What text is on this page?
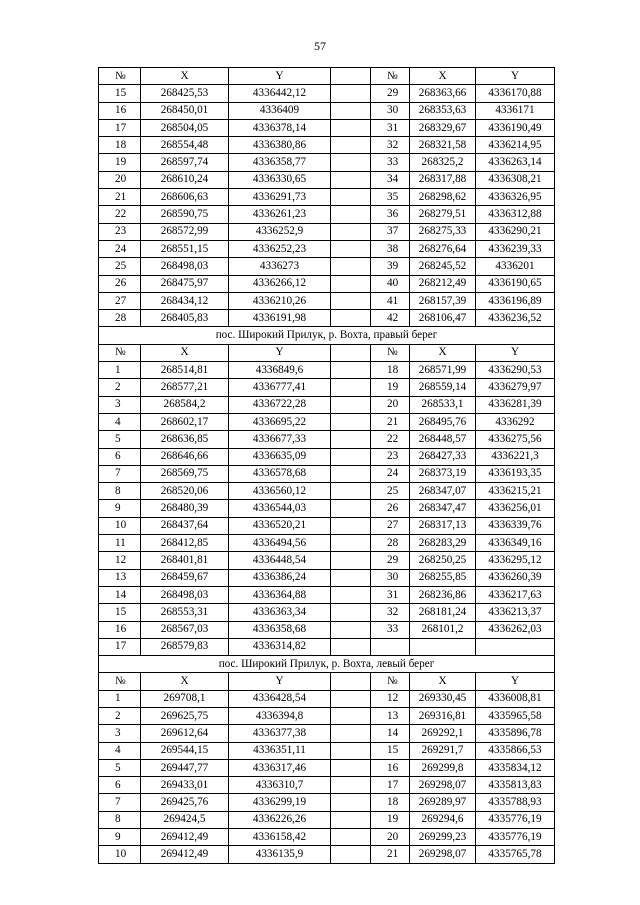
57
№	X	Y		№	X	Y
15	268425,53	4336442,12		29	268363,66	4336170,88
16	268450,01	4336409		30	268353,63	4336171
17	268504,05	4336378,14		31	268329,67	4336190,49
18	268554,48	4336380,86		32	268321,58	4336214,95
19	268597,74	4336358,77		33	268325,2	4336263,14
20	268610,24	4336330,65		34	268317,88	4336308,21
21	268606,63	4336291,73		35	268298,62	4336326,95
22	268590,75	4336261,23		36	268279,51	4336312,88
23	268572,99	4336252,9		37	268275,33	4336290,21
24	268551,15	4336252,23		38	268276,64	4336239,33
25	268498,03	4336273		39	268245,52	4336201
26	268475,97	4336266,12		40	268212,49	4336190,65
27	268434,12	4336210,26		41	268157,39	4336196,89
28	268405,83	4336191,98		42	268106,47	4336236,52
пос. Широкий Прилук, р. Вохта, правый берег						
№	X	Y		№	X	Y
1	268514,81	4336849,6		18	268571,99	4336290,53
2	268577,21	4336777,41		19	268559,14	4336279,97
3	268584,2	4336722,28		20	268533,1	4336281,39
4	268602,17	4336695,22		21	268495,76	4336292
5	268636,85	4336677,33		22	268448,57	4336275,56
6	268646,66	4336635,09		23	268427,33	4336221,3
7	268569,75	4336578,68		24	268373,19	4336193,35
8	268520,06	4336560,12		25	268347,07	4336215,21
9	268480,39	4336544,03		26	268347,47	4336256,01
10	268437,64	4336520,21		27	268317,13	4336339,76
11	268412,85	4336494,56		28	268283,29	4336349,16
12	268401,81	4336448,54		29	268250,25	4336295,12
13	268459,67	4336386,24		30	268255,85	4336260,39
14	268498,03	4336364,88		31	268236,86	4336217,63
15	268553,31	4336363,34		32	268181,24	4336213,37
16	268567,03	4336358,68		33	268101,2	4336262,03
17	268579,83	4336314,82				
пос. Широкий Прилук, р. Вохта, левый берег						
№	X	Y		№	X	Y
1	269708,1	4336428,54		12	269330,45	4336008,81
2	269625,75	4336394,8		13	269316,81	4335965,58
3	269612,64	4336377,38		14	269292,1	4335896,78
4	269544,15	4336351,11		15	269291,7	4335866,53
5	269447,77	4336317,46		16	269299,8	4335834,12
6	269433,01	4336310,7		17	269298,07	4335813,83
7	269425,76	4336299,19		18	269289,97	4335788,93
8	269424,5	4336226,26		19	269294,6	4335776,19
9	269412,49	4336158,42		20	269299,23	4335776,19
10	269412,49	4336135,9		21	269298,07	4335765,78
